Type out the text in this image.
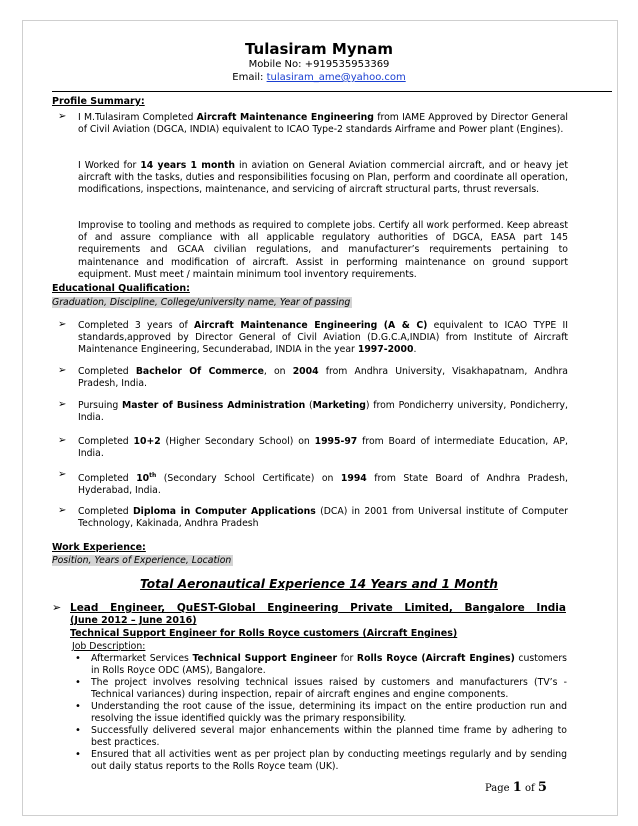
Tulasiram Mynam
Mobile No: +919535953369
Email: tulasiram_ame@yahoo.com
Profile Summary:
➢ I M.Tulasiram Completed Aircraft Maintenance Engineering from IAME Approved by Director General of Civil Aviation (DGCA, INDIA) equivalent to ICAO Type-2 standards Airframe and Power plant (Engines).
I Worked for 14 years 1 month in aviation on General Aviation commercial aircraft, and or heavy jet aircraft with the tasks, duties and responsibilities focusing on Plan, perform and coordinate all operation, modifications, inspections, maintenance, and servicing of aircraft structural parts, thrust reversals.
Improvise to tooling and methods as required to complete jobs. Certify all work performed. Keep abreast of and assure compliance with all applicable regulatory authorities of DGCA, EASA part 145 requirements and GCAA civilian regulations, and manufacturer’s requirements pertaining to maintenance and modification of aircraft. Assist in performing maintenance on ground support equipment. Must meet / maintain minimum tool inventory requirements.
Educational Qualification:
Graduation, Discipline, College/university name, Year of passing
➢ Completed 3 years of Aircraft Maintenance Engineering (A & C) equivalent to ICAO TYPE II standards,approved by Director General of Civil Aviation (D.G.C.A,INDIA) from Institute of Aircraft Maintenance Engineering, Secunderabad, INDIA in the year 1997-2000.
➢ Completed Bachelor Of Commerce, on 2004 from Andhra University, Visakhapatnam, Andhra Pradesh, India.
➢ Pursuing Master of Business Administration (Marketing) from Pondicherry university, Pondicherry, India.
➢ Completed 10+2 (Higher Secondary School) on 1995-97 from Board of intermediate Education, AP, India.
➢ Completed 10th (Secondary School Certificate) on 1994 from State Board of Andhra Pradesh, Hyderabad, India.
➢ Completed Diploma in Computer Applications (DCA) in 2001 from Universal institute of Computer Technology, Kakinada, Andhra Pradesh
Work Experience:
Position, Years of Experience, Location
Total Aeronautical Experience 14 Years and 1 Month
➢ Lead Engineer, QuEST-Global Engineering Private Limited, Bangalore India
(June 2012 – June 2016)
Technical Support Engineer for Rolls Royce customers (Aircraft Engines)
Job Description:
• Aftermarket Services Technical Support Engineer for Rolls Royce (Aircraft Engines) customers in Rolls Royce ODC (AMS), Bangalore.
• The project involves resolving technical issues raised by customers and manufacturers (TV’s - Technical variances) during inspection, repair of aircraft engines and engine components.
• Understanding the root cause of the issue, determining its impact on the entire production run and resolving the issue identified quickly was the primary responsibility.
• Successfully delivered several major enhancements within the planned time frame by adhering to best practices.
• Ensured that all activities went as per project plan by conducting meetings regularly and by sending out daily status reports to the Rolls Royce team (UK).
Page 1 of 5
